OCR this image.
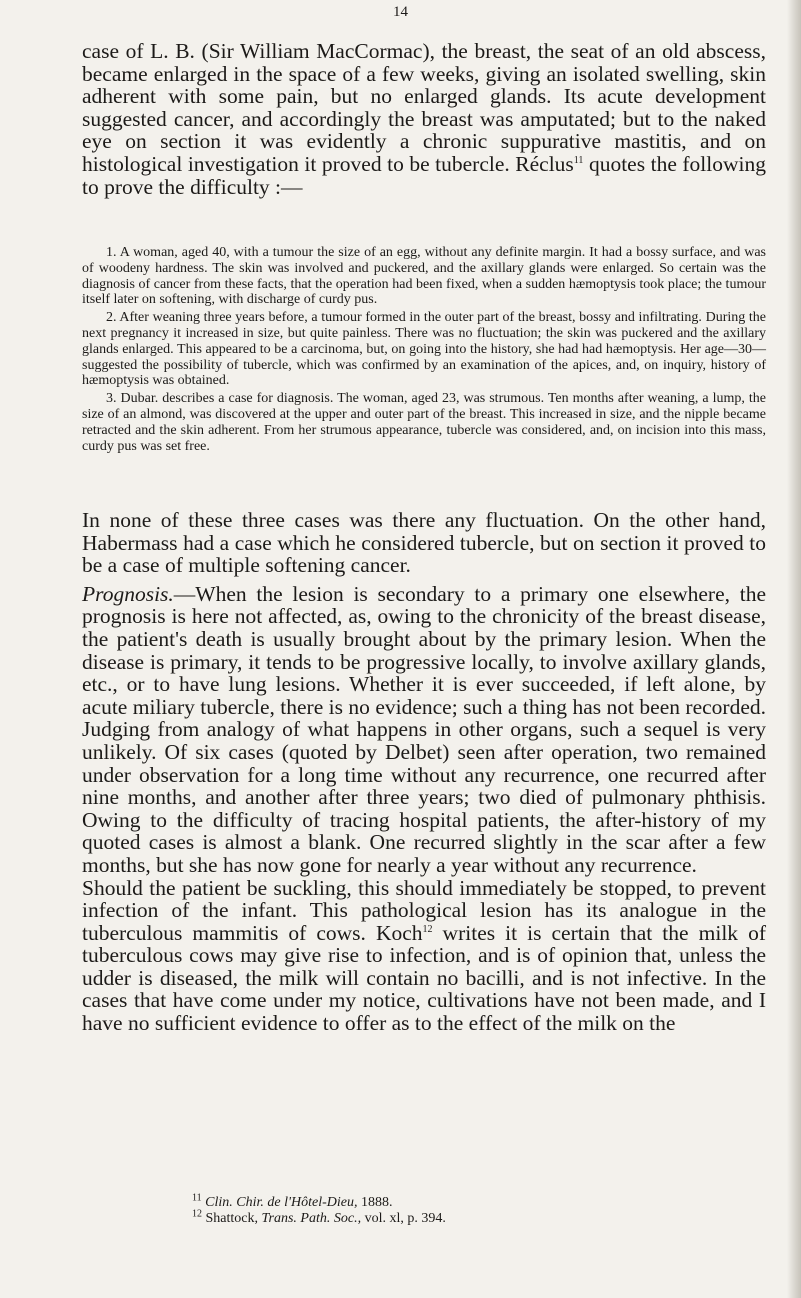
14

case of L. B. (Sir William MacCormac), the breast, the seat of an old abscess, became enlarged in the space of a few weeks, giving an isolated swelling, skin adherent with some pain, but no enlarged glands. Its acute development suggested cancer, and accordingly the breast was amputated; but to the naked eye on section it was evidently a chronic suppurative mastitis, and on histological investigation it proved to be tubercle. Réclus$^{11}$ quotes the following to prove the difficulty :—

1. A woman, aged 40, with a tumour the size of an egg, without any definite margin. It had a bossy surface, and was of woodeny hardness. The skin was involved and puckered, and the axillary glands were enlarged. So certain was the diagnosis of cancer from these facts, that the operation had been fixed, when a sudden hæmoptysis took place; the tumour itself later on softening, with discharge of curdy pus.

2. After weaning three years before, a tumour formed in the outer part of the breast, bossy and infiltrating. During the next pregnancy it increased in size, but quite painless. There was no fluctuation; the skin was puckered and the axillary glands enlarged. This appeared to be a carcinoma, but, on going into the history, she had had hæmoptysis. Her age—30—suggested the possibility of tubercle, which was confirmed by an examination of the apices, and, on inquiry, history of hæmoptysis was obtained.

3. Dubar. describes a case for diagnosis. The woman, aged 23, was strumous. Ten months after weaning, a lump, the size of an almond, was discovered at the upper and outer part of the breast. This increased in size, and the nipple became retracted and the skin adherent. From her strumous appearance, tubercle was considered, and, on incision into this mass, curdy pus was set free.

In none of these three cases was there any fluctuation. On the other hand, Habermass had a case which he considered tubercle, but on section it proved to be a case of multiple softening cancer.

Prognosis.—When the lesion is secondary to a primary one elsewhere, the prognosis is here not affected, as, owing to the chronicity of the breast disease, the patient's death is usually brought about by the primary lesion. When the disease is primary, it tends to be progressive locally, to involve axillary glands, etc., or to have lung lesions. Whether it is ever succeeded, if left alone, by acute miliary tubercle, there is no evidence; such a thing has not been recorded. Judging from analogy of what happens in other organs, such a sequel is very unlikely. Of six cases (quoted by Delbet) seen after operation, two remained under observation for a long time without any recurrence, one recurred after nine months, and another after three years; two died of pulmonary phthisis. Owing to the difficulty of tracing hospital patients, the after-history of my quoted cases is almost a blank. One recurred slightly in the scar after a few months, but she has now gone for nearly a year without any recurrence.

Should the patient be suckling, this should immediately be stopped, to prevent infection of the infant. This pathological lesion has its analogue in the tuberculous mammitis of cows. Koch$^{12}$ writes it is certain that the milk of tuberculous cows may give rise to infection, and is of opinion that, unless the udder is diseased, the milk will contain no bacilli, and is not infective. In the cases that have come under my notice, cultivations have not been made, and I have no sufficient evidence to offer as to the effect of the milk on the

$^{11}$ Clin. Chir. de l'Hôtel-Dieu, 1888.

$^{12}$ Shattock, Trans. Path. Soc., vol. xl, p. 394.
